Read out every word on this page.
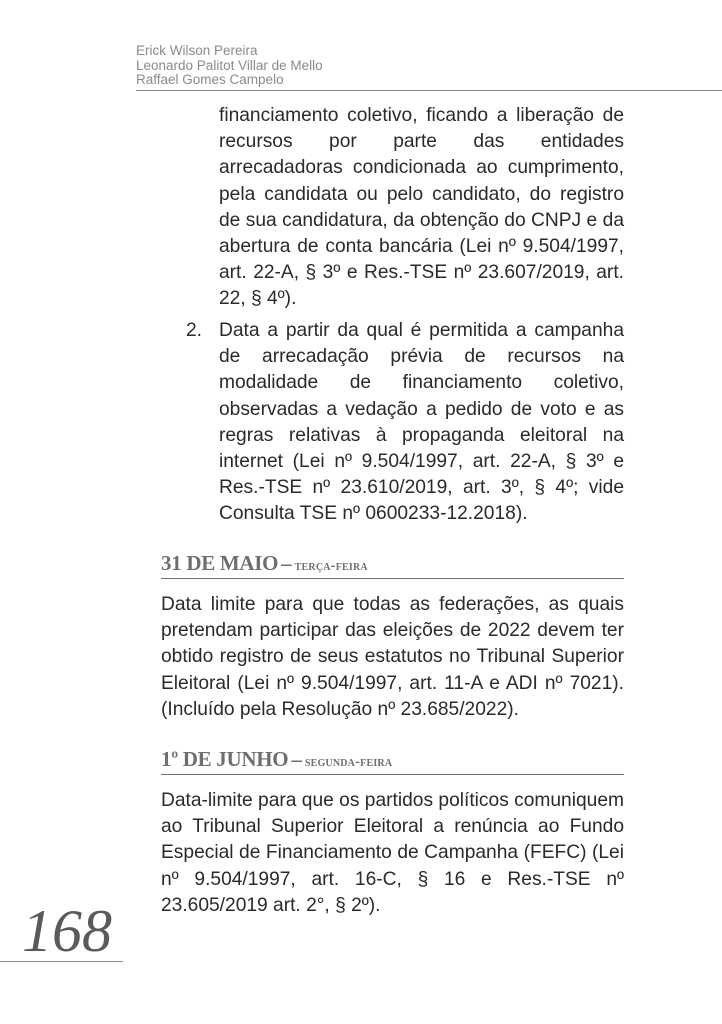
Erick Wilson Pereira
Leonardo Palitot Villar de Mello
Raffael Gomes Campelo
financiamento coletivo, ficando a liberação de recursos por parte das entidades arrecadadoras condicionada ao cumprimento, pela candidata ou pelo candidato, do registro de sua candidatura, da obtenção do CNPJ e da abertura de conta bancária (Lei nº 9.504/1997, art. 22-A, § 3º e Res.-TSE nº 23.607/2019, art. 22, § 4º).
2. Data a partir da qual é permitida a campanha de arrecadação prévia de recursos na modalidade de financiamento coletivo, observadas a vedação a pedido de voto e as regras relativas à propaganda eleitoral na internet (Lei nº 9.504/1997, art. 22-A, § 3º e Res.-TSE nº 23.610/2019, art. 3º, § 4º; vide Consulta TSE nº 0600233-12.2018).
31 DE MAIO – terça-feira
Data limite para que todas as federações, as quais pretendam participar das eleições de 2022 devem ter obtido registro de seus estatutos no Tribunal Superior Eleitoral (Lei nº 9.504/1997, art. 11-A e ADI nº 7021). (Incluído pela Resolução nº 23.685/2022).
1º DE JUNHO – segunda-feira
Data-limite para que os partidos políticos comuniquem ao Tribunal Superior Eleitoral a renúncia ao Fundo Especial de Financiamento de Campanha (FEFC) (Lei nº 9.504/1997, art. 16-C, § 16 e Res.-TSE nº 23.605/2019 art. 2°, § 2º).
168
